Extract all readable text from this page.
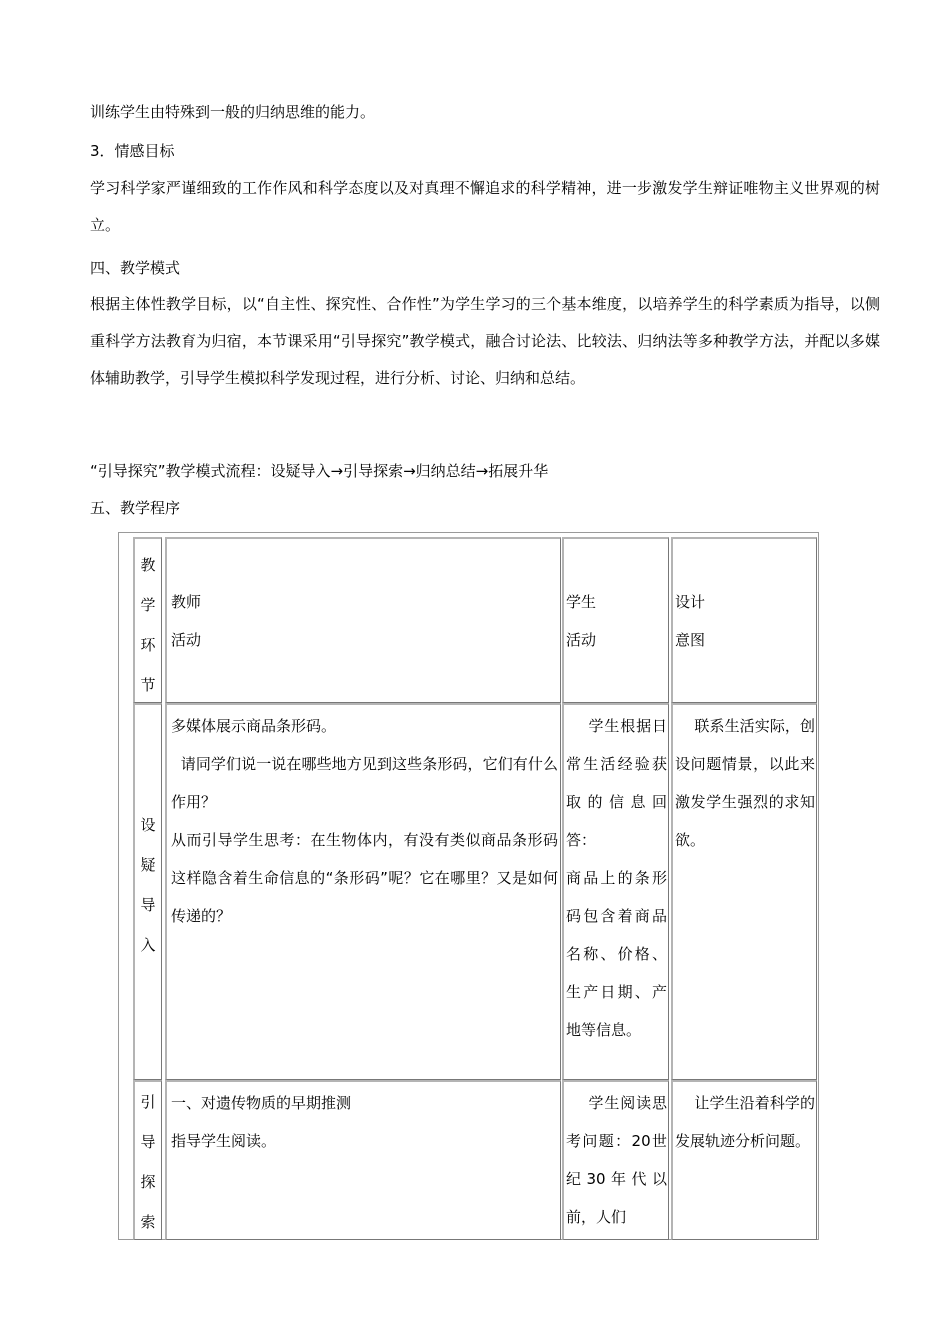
训练学生由特殊到一般的归纳思维的能力。
3．情感目标
学习科学家严谨细致的工作作风和科学态度以及对真理不懈追求的科学精神，进一步激发学生辩证唯物主义世界观的树立。
四、教学模式
根据主体性教学目标，以“自主性、探究性、合作性”为学生学习的三个基本维度，以培养学生的科学素质为指导，以侧重科学方法教育为归宿，本节课采用“引导探究”教学模式，融合讨论法、比较法、归纳法等多种教学方法，并配以多媒体辅助教学，引导学生模拟科学发现过程，进行分析、讨论、归纳和总结。
“引导探究”教学模式流程：设疑导入→引导探索→归纳总结→拓展升华
五、教学程序
教学环节
教师
活动
学生
活动
设计
意图
设疑导入
多媒体展示商品条形码。
请同学们说一说在哪些地方见到这些条形码，它们有什么作用？
从而引导学生思考：在生物体内，有没有类似商品条形码这样隐含着生命信息的“条形码”呢？它在哪里？又是如何传递的？
学生根据日常生活经验获取的信息回答：
商品上的条形码包含着商品名称、价格、生产日期、产地等信息。
联系生活实际，创设问题情景，以此来激发学生强烈的求知欲。
引导探索
一、对遗传物质的早期推测
指导学生阅读。
学生阅读思考问题：20世纪30年代以前，人们
让学生沿着科学的发展轨迹分析问题。
